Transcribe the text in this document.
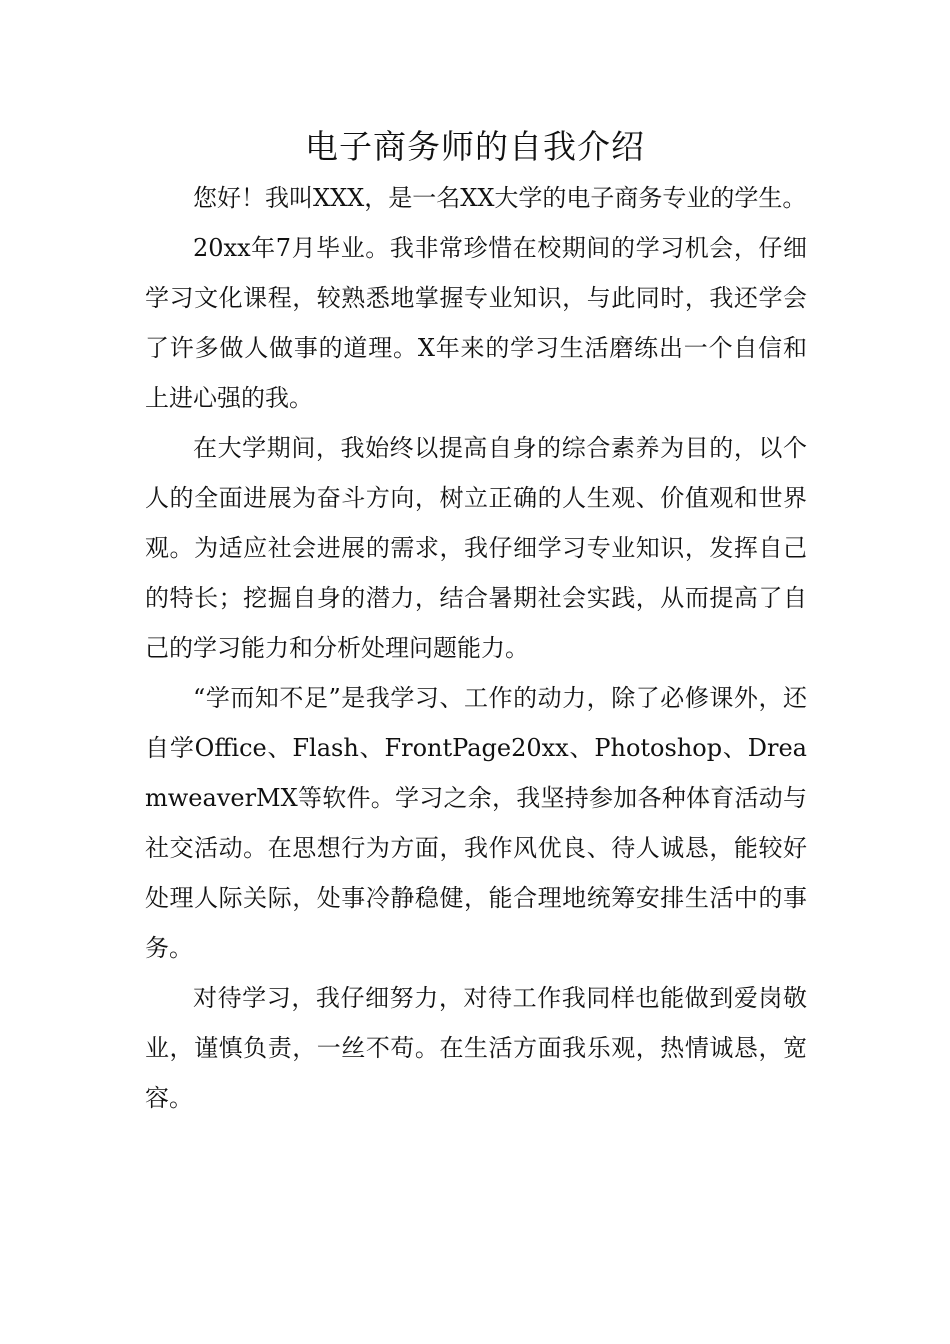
电子商务师的自我介绍

您好！我叫XXX，是一名XX大学的电子商务专业的学生。

20xx年7月毕业。我非常珍惜在校期间的学习机会，仔细学习文化课程，较熟悉地掌握专业知识，与此同时，我还学会了许多做人做事的道理。X年来的学习生活磨练出一个自信和上进心强的我。

在大学期间，我始终以提高自身的综合素养为目的，以个人的全面进展为奋斗方向，树立正确的人生观、价值观和世界观。为适应社会进展的需求，我仔细学习专业知识，发挥自己的特长；挖掘自身的潜力，结合暑期社会实践，从而提高了自己的学习能力和分析处理问题能力。

“学而知不足”是我学习、工作的动力，除了必修课外，还自学Office、Flash、FrontPage20xx、Photoshop、DreamweaverMX等软件。学习之余，我坚持参加各种体育活动与社交活动。在思想行为方面，我作风优良、待人诚恳，能较好处理人际关际，处事冷静稳健，能合理地统筹安排生活中的事务。

对待学习，我仔细努力，对待工作我同样也能做到爱岗敬业，谨慎负责，一丝不苟。在生活方面我乐观，热情诚恳，宽容。
